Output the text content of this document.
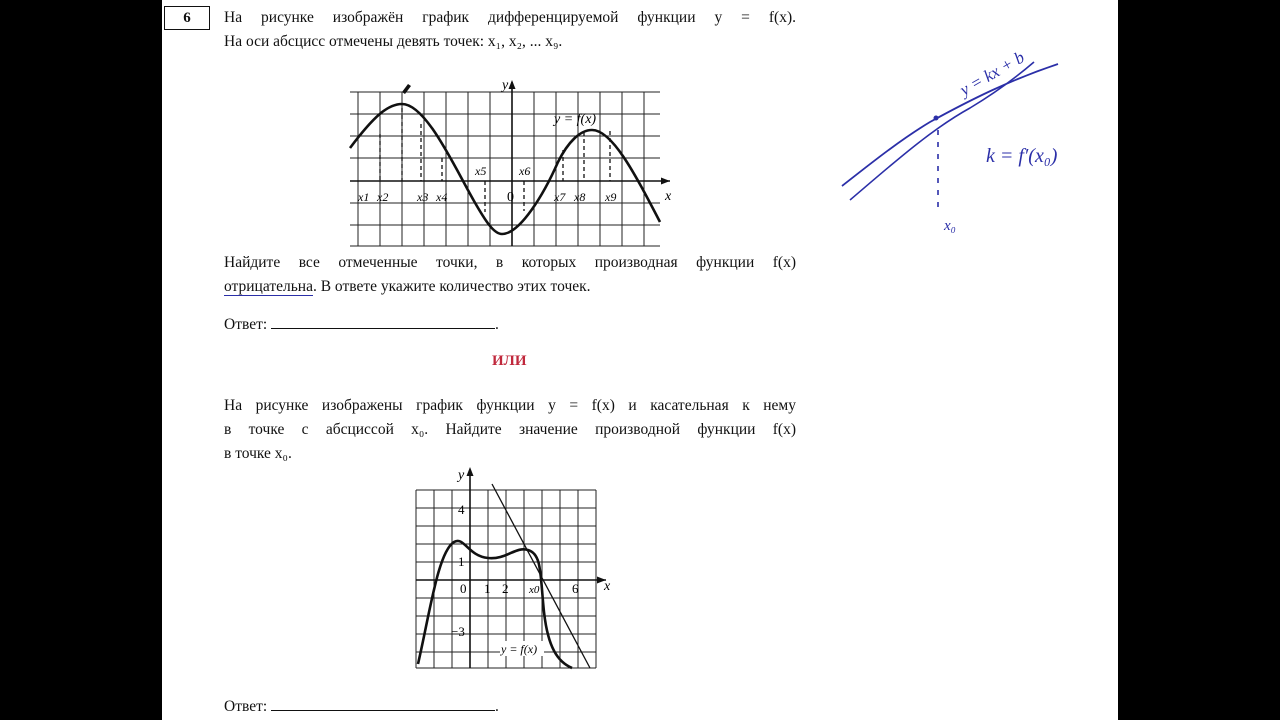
6	На рисунке изображён график дифференцируемой функции y = f(x).
На оси абсцисс отмечены девять точек: x₁, x₂, ... x₉.
y
x
y = f(x)
0
x1 x2 x3 x4
x5	x6
x7 x8 x9
Найдите все отмеченные точки, в которых производная функции f(x)
отрицательна. В ответе укажите количество этих точек.
Ответ:	.
ИЛИ
На рисунке изображены график функции y = f(x) и касательная к нему
в точке с абсциссой x₀. Найдите значение производной функции f(x)
в точке x₀.
y
x
4
1
0 1 2 x0	6
−3
y = f(x)
Ответ:	.
y = kx + b
k = f′(x₀)
x₀
